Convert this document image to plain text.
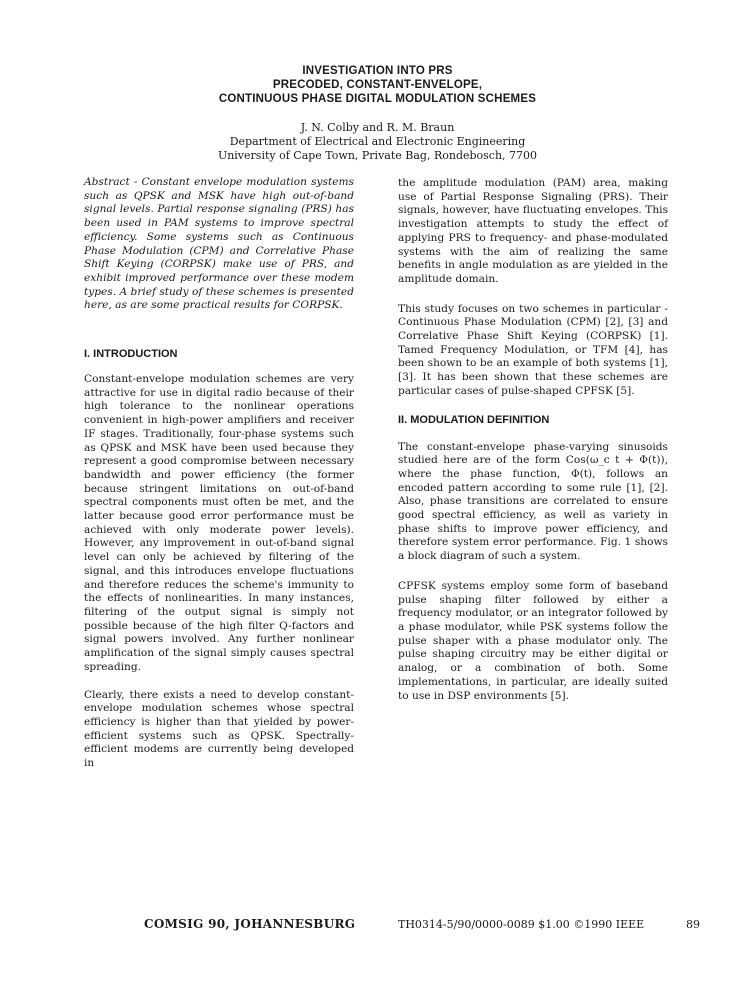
INVESTIGATION INTO PRS
PRECODED, CONSTANT-ENVELOPE,
CONTINUOUS PHASE DIGITAL MODULATION SCHEMES
J. N. Colby and R. M. Braun
Department of Electrical and Electronic Engineering
University of Cape Town, Private Bag, Rondebosch, 7700

Abstract - Constant envelope modulation systems such as QPSK and MSK have high out-of-band signal levels. Partial response signaling (PRS) has been used in PAM systems to improve spectral efficiency. Some systems such as Continuous Phase Modulation (CPM) and Correlative Phase Shift Keying (CORPSK) make use of PRS, and exhibit improved performance over these modem types. A brief study of these schemes is presented here, as are some practical results for CORPSK.

I. INTRODUCTION

Constant-envelope modulation schemes are very attractive for use in digital radio because of their high tolerance to the nonlinear operations convenient in high-power amplifiers and receiver IF stages. Traditionally, four-phase systems such as QPSK and MSK have been used because they represent a good compromise between necessary bandwidth and power efficiency (the former because stringent limitations on out-of-band spectral components must often be met, and the latter because good error performance must be achieved with only moderate power levels). However, any improvement in out-of-band signal level can only be achieved by filtering of the signal, and this introduces envelope fluctuations and therefore reduces the scheme's immunity to the effects of nonlinearities. In many instances, filtering of the output signal is simply not possible because of the high filter Q-factors and signal powers involved. Any further nonlinear amplification of the signal simply causes spectral spreading.

Clearly, there exists a need to develop constant-envelope modulation schemes whose spectral efficiency is higher than that yielded by power-efficient systems such as QPSK. Spectrally-efficient modems are currently being developed in

the amplitude modulation (PAM) area, making use of Partial Response Signaling (PRS). Their signals, however, have fluctuating envelopes. This investigation attempts to study the effect of applying PRS to frequency- and phase-modulated systems with the aim of realizing the same benefits in angle modulation as are yielded in the amplitude domain.

This study focuses on two schemes in particular - Continuous Phase Modulation (CPM) [2], [3] and Correlative Phase Shift Keying (CORPSK) [1]. Tamed Frequency Modulation, or TFM [4], has been shown to be an example of both systems [1], [3]. It has been shown that these schemes are particular cases of pulse-shaped CPFSK [5].

II. MODULATION DEFINITION

The constant-envelope phase-varying sinusoids studied here are of the form Cos(ω_c t + Φ(t)), where the phase function, Φ(t), follows an encoded pattern according to some rule [1], [2]. Also, phase transitions are correlated to ensure good spectral efficiency, as well as variety in phase shifts to improve power efficiency, and therefore system error performance. Fig. 1 shows a block diagram of such a system.

CPFSK systems employ some form of baseband pulse shaping filter followed by either a frequency modulator, or an integrator followed by a phase modulator, while PSK systems follow the pulse shaper with a phase modulator only. The pulse shaping circuitry may be either digital or analog, or a combination of both. Some implementations, in particular, are ideally suited to use in DSP environments [5].

COMSIG 90, JOHANNESBURG	TH0314-5/90/0000-0089 $1.00 ©1990 IEEE	89
